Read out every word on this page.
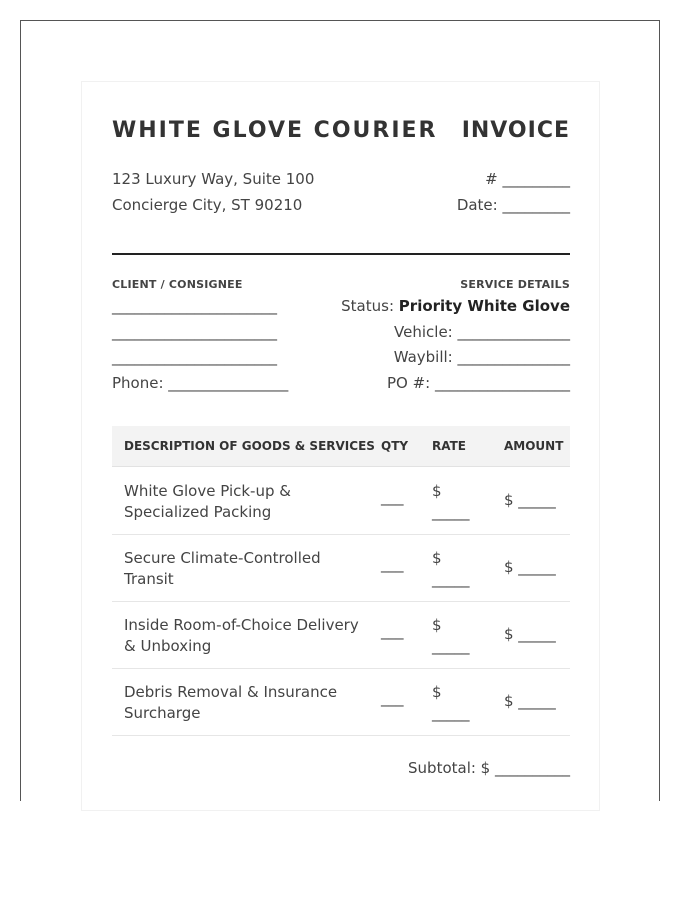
WHITE GLOVE COURIER INVOICE
123 Luxury Way, Suite 100
Concierge City, ST 90210
# _________
Date: _________
CLIENT / CONSIGNEE
______________________
______________________
______________________
Phone: ________________
SERVICE DETAILS
Status: Priority White Glove
Vehicle: _______________
Waybill: _______________
PO #: __________________
DESCRIPTION OF GOODS & SERVICES QTY RATE	AMOUNT
White Glove Pick-up & Specialized Packing
___ $
_____
$ _____
Secure Climate-Controlled Transit
___ $
_____
$ _____
Inside Room-of-Choice Delivery & Unboxing
___ $
_____
$ _____
Debris Removal & Insurance Surcharge
___ $
_____
$ _____
Subtotal: $ __________
